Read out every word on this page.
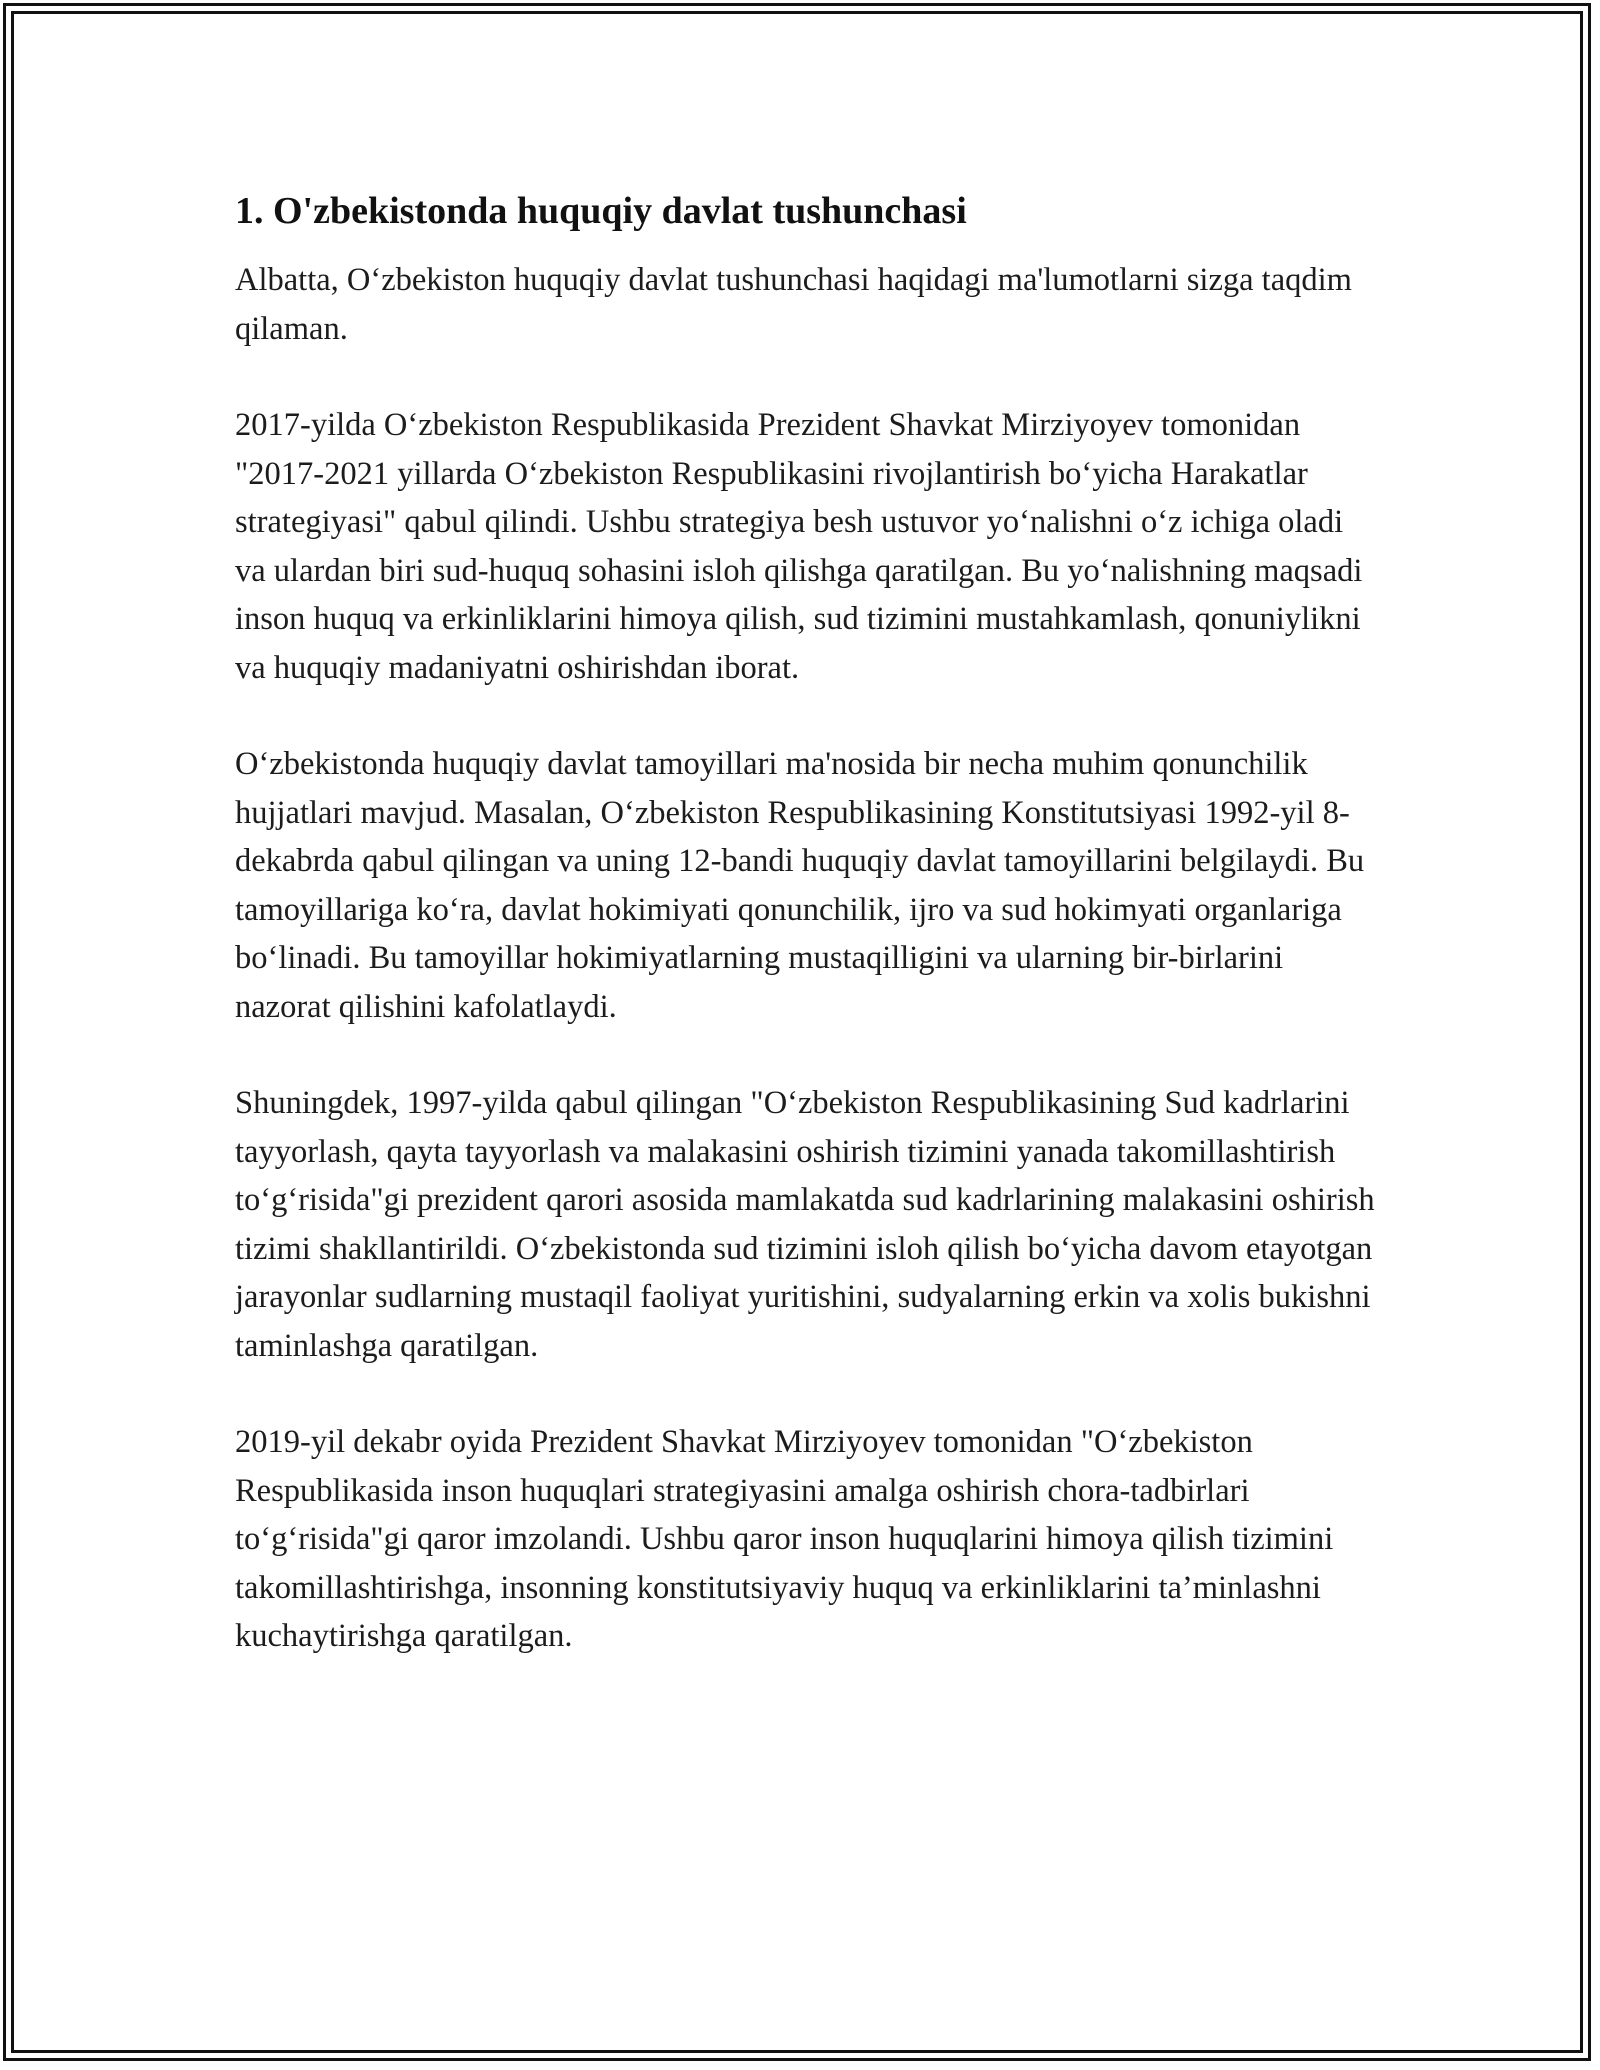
1. O'zbekistonda huquqiy davlat tushunchasi

Albatta, O‘zbekiston huquqiy davlat tushunchasi haqidagi ma'lumotlarni sizga taqdim qilaman.

2017-yilda O‘zbekiston Respublikasida Prezident Shavkat Mirziyoyev tomonidan "2017-2021 yillarda O‘zbekiston Respublikasini rivojlantirish bo‘yicha Harakatlar strategiyasi" qabul qilindi. Ushbu strategiya besh ustuvor yo‘nalishni o‘z ichiga oladi va ulardan biri sud-huquq sohasini isloh qilishga qaratilgan. Bu yo‘nalishning maqsadi inson huquq va erkinliklarini himoya qilish, sud tizimini mustahkamlash, qonuniylikni va huquqiy madaniyatni oshirishdan iborat.

O‘zbekistonda huquqiy davlat tamoyillari ma'nosida bir necha muhim qonunchilik hujjatlari mavjud. Masalan, O‘zbekiston Respublikasining Konstitutsiyasi 1992-yil 8-dekabrda qabul qilingan va uning 12-bandi huquqiy davlat tamoyillarini belgilaydi. Bu tamoyillariga ko‘ra, davlat hokimiyati qonunchilik, ijro va sud hokimyati organlariga bo‘linadi. Bu tamoyillar hokimiyatlarning mustaqilligini va ularning bir-birlarini nazorat qilishini kafolatlaydi.

Shuningdek, 1997-yilda qabul qilingan "O‘zbekiston Respublikasining Sud kadrlarini tayyorlash, qayta tayyorlash va malakasini oshirish tizimini yanada takomillashtirish to‘g‘risida"gi prezident qarori asosida mamlakatda sud kadrlarining malakasini oshirish tizimi shakllantirildi. O‘zbekistonda sud tizimini isloh qilish bo‘yicha davom etayotgan jarayonlar sudlarning mustaqil faoliyat yuritishini, sudyalarning erkin va xolis bukishni taminlashga qaratilgan.

2019-yil dekabr oyida Prezident Shavkat Mirziyoyev tomonidan "O‘zbekiston Respublikasida inson huquqlari strategiyasini amalga oshirish chora-tadbirlari to‘g‘risida"gi qaror imzolandi. Ushbu qaror inson huquqlarini himoya qilish tizimini takomillashtirishga, insonning konstitutsiyaviy huquq va erkinliklarini ta’minlashni kuchaytirishga qaratilgan.
